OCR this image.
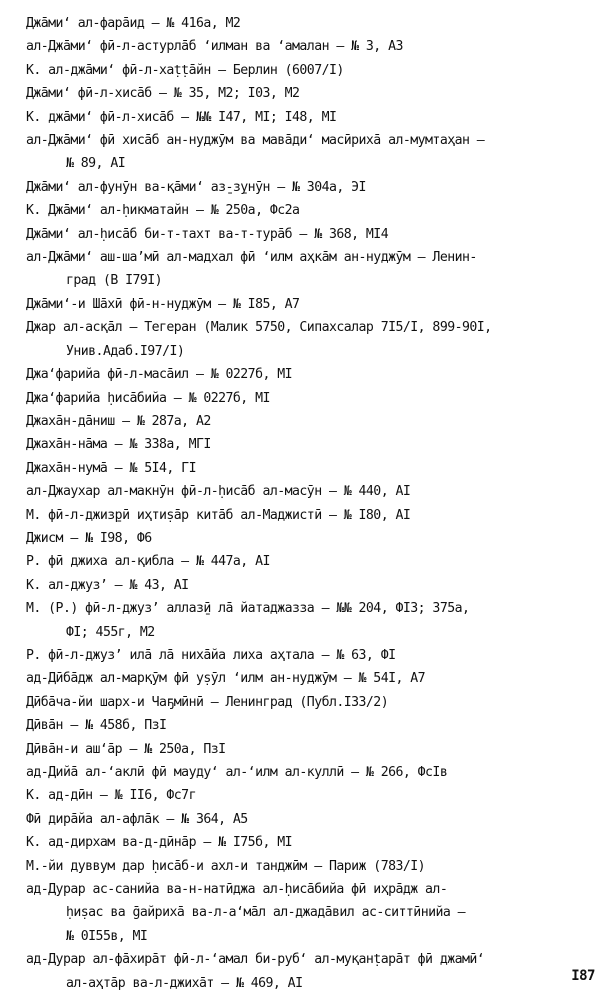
Джāми‘ ал-фарāид – № 416а, М2
ал-Джāми‘ фӣ-л-астурлāб ‘илман ва ‘амалан – № 3, А3
К. ал-джāми‘ фӣ-л-хаṭṭāйн – Берлин (6007/I)
Джāми‘ фӣ-л-хисāб – № 35, М2; I03, М2
К. джāми‘ фӣ-л-хисāб – №№ I47, МI; I48, МI
ал-Джāми‘ фӣ хисāб ан-нуджӯм ва мавāди‘ масӣрихā ал-мумтаҳан –
№ 89, АI
Джāми‘ ал-фунӯн ва-қāми‘ аз̱-з̱унӯн – № 304а, ЭI
К. Джāми‘ ал-ḥикматайн – № 250а, Фс2а
Джāми‘ ал-ḥисāб би-т-тахт ва-т-турāб – № 368, МI4
ал-Джāми‘ аш-ша’мӣ ал-мадхал фӣ ‘илм аҳкāм ан-нуджӯм – Ленин-
град (В I79I)
Джāми‘-и Шāхӣ фӣ-н-нуджӯм – № I85, А7
Джар ал-асқāл – Тегеран (Малик 5750, Сипахсалар 7I5/I, 899-90I,
Унив.Адаб.I97/I)
Джа‘фарийа фӣ-л-масāил – № 0227б, МI
Джа‘фарийа ḥисāбийа – № 0227б, МI
Джахāн-дāниш – № 287а, А2
Джахāн-нāма – № 338а, МГI
Джахāн-нумā – № 5I4, ГI
ал-Джаухар ал-макнӯн фӣ-л-ḥисāб ал-масӯн – № 440, АI
М. фӣ-л-джиз̱рӣ иҳтиṣāр китāб ал-Маджистӣ – № I80, АI
Джисм – № I98, Ф6
Р. фӣ джиха ал-қибла – № 447а, АI
К. ал-джуз’ – № 43, АI
М. (Р.) фӣ-л-джуз’ аллаз̱ӣ лā йатаджазза – №№ 204, ФI3; 375а,
ФI; 455г, М2
Р. фӣ-л-джуз’ илā лā нихāйа лиха аҳтала – № 63, ФI
ад-Дӣбāдж ал-марқӯм фӣ уṣӯл ‘илм ан-нуджӯм – № 54I, А7
Дӣбāча-йи шарх-и Чаҕмӣнӣ – Ленинград (Публ.I33/2)
Дӣвāн – № 458б, ПзI
Дӣвāн-и аш‘āр – № 250а, ПзI
ад-Дийā ал-‘аклӣ фӣ мауду‘ ал-‘илм ал-куллӣ – № 266, ФсIв
К. ад-дӣн – № II6, Фс7г
Фӣ дирāйа ал-афлāк – № 364, А5
К. ад-дирхам ва-д-дӣнāр – № I75б, МI
М.-йи дуввум дар ḥисāб-и ахл-и танджӣм – Париж (783/I)
ад-Дурар ас-санийа ва-н-натӣджа ал-ḥисāбийа фӣ иҳрāдж ал-
ḥиṣас ва ḡайрихā ва-л-а‘мāл ал-джадāвил ас-ситтӣнийа –
№ 0I55в, МI
ад-Дурар ал-фāхирāт фӣ-л-‘амал би-руб‘ ал-муқанṭарāт фӣ джамӣ‘
ал-аҳтāр ва-л-джихāт – № 469, АI	I87
